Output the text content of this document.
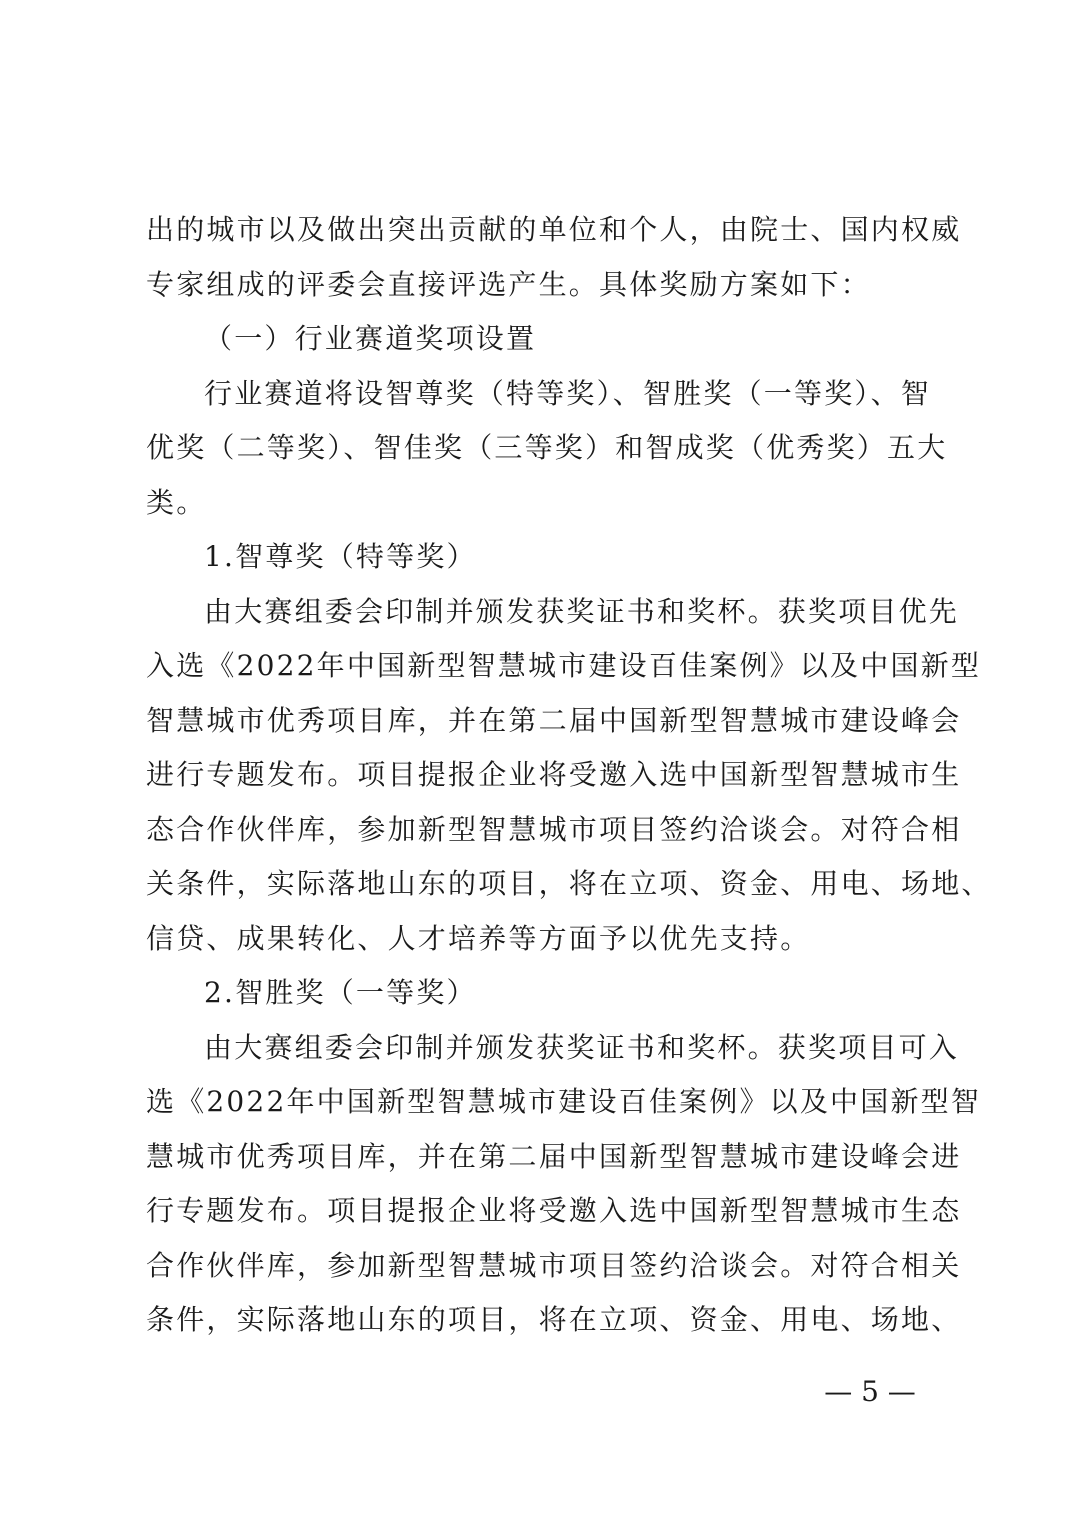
出的城市以及做出突出贡献的单位和个人，由院士、国内权威
专家组成的评委会直接评选产生。具体奖励方案如下：
（一）行业赛道奖项设置
行业赛道将设智尊奖（特等奖）、智胜奖（一等奖）、智
优奖（二等奖）、智佳奖（三等奖）和智成奖（优秀奖）五大
类。
1.智尊奖（特等奖）
由大赛组委会印制并颁发获奖证书和奖杯。获奖项目优先
入选《2022年中国新型智慧城市建设百佳案例》以及中国新型
智慧城市优秀项目库，并在第二届中国新型智慧城市建设峰会
进行专题发布。项目提报企业将受邀入选中国新型智慧城市生
态合作伙伴库，参加新型智慧城市项目签约洽谈会。对符合相
关条件，实际落地山东的项目，将在立项、资金、用电、场地、
信贷、成果转化、人才培养等方面予以优先支持。
2.智胜奖（一等奖）
由大赛组委会印制并颁发获奖证书和奖杯。获奖项目可入
选《2022年中国新型智慧城市建设百佳案例》以及中国新型智
慧城市优秀项目库，并在第二届中国新型智慧城市建设峰会进
行专题发布。项目提报企业将受邀入选中国新型智慧城市生态
合作伙伴库，参加新型智慧城市项目签约洽谈会。对符合相关
条件，实际落地山东的项目，将在立项、资金、用电、场地、
— 5 —
